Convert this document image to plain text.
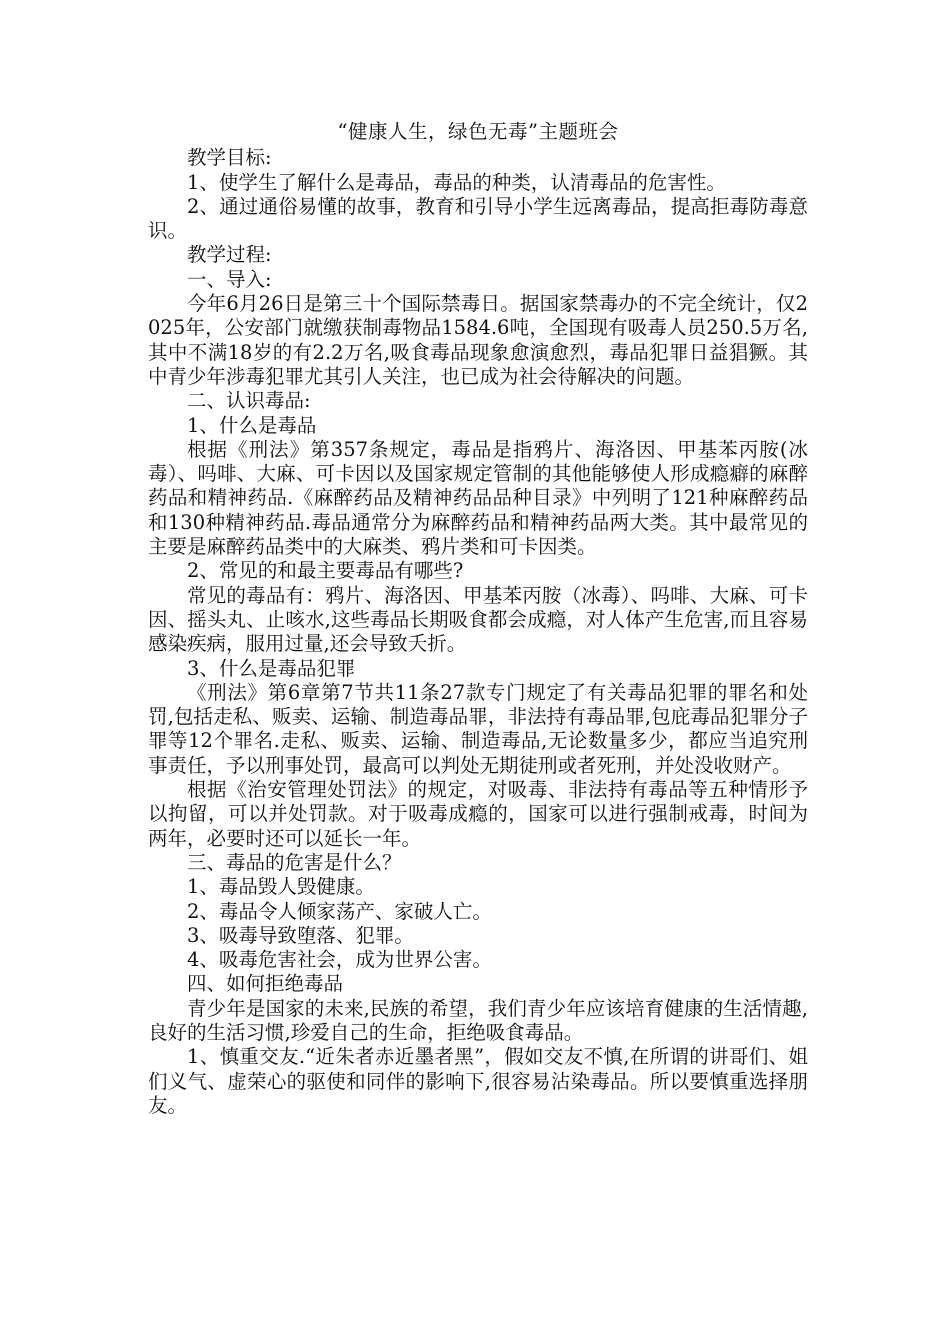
“健康人生，绿色无毒”主题班会

教学目标:

1、使学生了解什么是毒品，毒品的种类，认清毒品的危害性。

2、通过通俗易懂的故事，教育和引导小学生远离毒品，提高拒毒防毒意识。

教学过程:

一、导入:

今年6月26日是第三十个国际禁毒日。据国家禁毒办的不完全统计，仅2025年，公安部门就缴获制毒物品1584.6吨，全国现有吸毒人员250.5万名,其中不满18岁的有2.2万名,吸食毒品现象愈演愈烈，毒品犯罪日益猖獗。其中青少年涉毒犯罪尤其引人关注，也已成为社会待解决的问题。

二、认识毒品:

1、什么是毒品

根据《刑法》第357条规定，毒品是指鸦片、海洛因、甲基苯丙胺(冰毒）、吗啡、大麻、可卡因以及国家规定管制的其他能够使人形成瘾癖的麻醉药品和精神药品.《麻醉药品及精神药品品种目录》中列明了121种麻醉药品和130种精神药品.毒品通常分为麻醉药品和精神药品两大类。其中最常见的主要是麻醉药品类中的大麻类、鸦片类和可卡因类。

2、常见的和最主要毒品有哪些?

常见的毒品有：鸦片、海洛因、甲基苯丙胺（冰毒）、吗啡、大麻、可卡因、摇头丸、止咳水,这些毒品长期吸食都会成瘾，对人体产生危害,而且容易感染疾病，服用过量,还会导致夭折。

3、什么是毒品犯罪

《刑法》第6章第7节共11条27款专门规定了有关毒品犯罪的罪名和处罚,包括走私、贩卖、运输、制造毒品罪，非法持有毒品罪,包庇毒品犯罪分子罪等12个罪名.走私、贩卖、运输、制造毒品,无论数量多少，都应当追究刑事责任，予以刑事处罚，最高可以判处无期徒刑或者死刑，并处没收财产。

根据《治安管理处罚法》的规定，对吸毒、非法持有毒品等五种情形予以拘留，可以并处罚款。对于吸毒成瘾的，国家可以进行强制戒毒，时间为两年，必要时还可以延长一年。

三、毒品的危害是什么？

1、毒品毁人毁健康。

2、毒品令人倾家荡产、家破人亡。

3、吸毒导致堕落、犯罪。

4、吸毒危害社会，成为世界公害。

四、如何拒绝毒品

青少年是国家的未来,民族的希望，我们青少年应该培育健康的生活情趣,良好的生活习惯,珍爱自己的生命，拒绝吸食毒品。

1、慎重交友.“近朱者赤近墨者黑”，假如交友不慎,在所谓的讲哥们、姐们义气、虚荣心的驱使和同伴的影响下,很容易沾染毒品。所以要慎重选择朋友。
